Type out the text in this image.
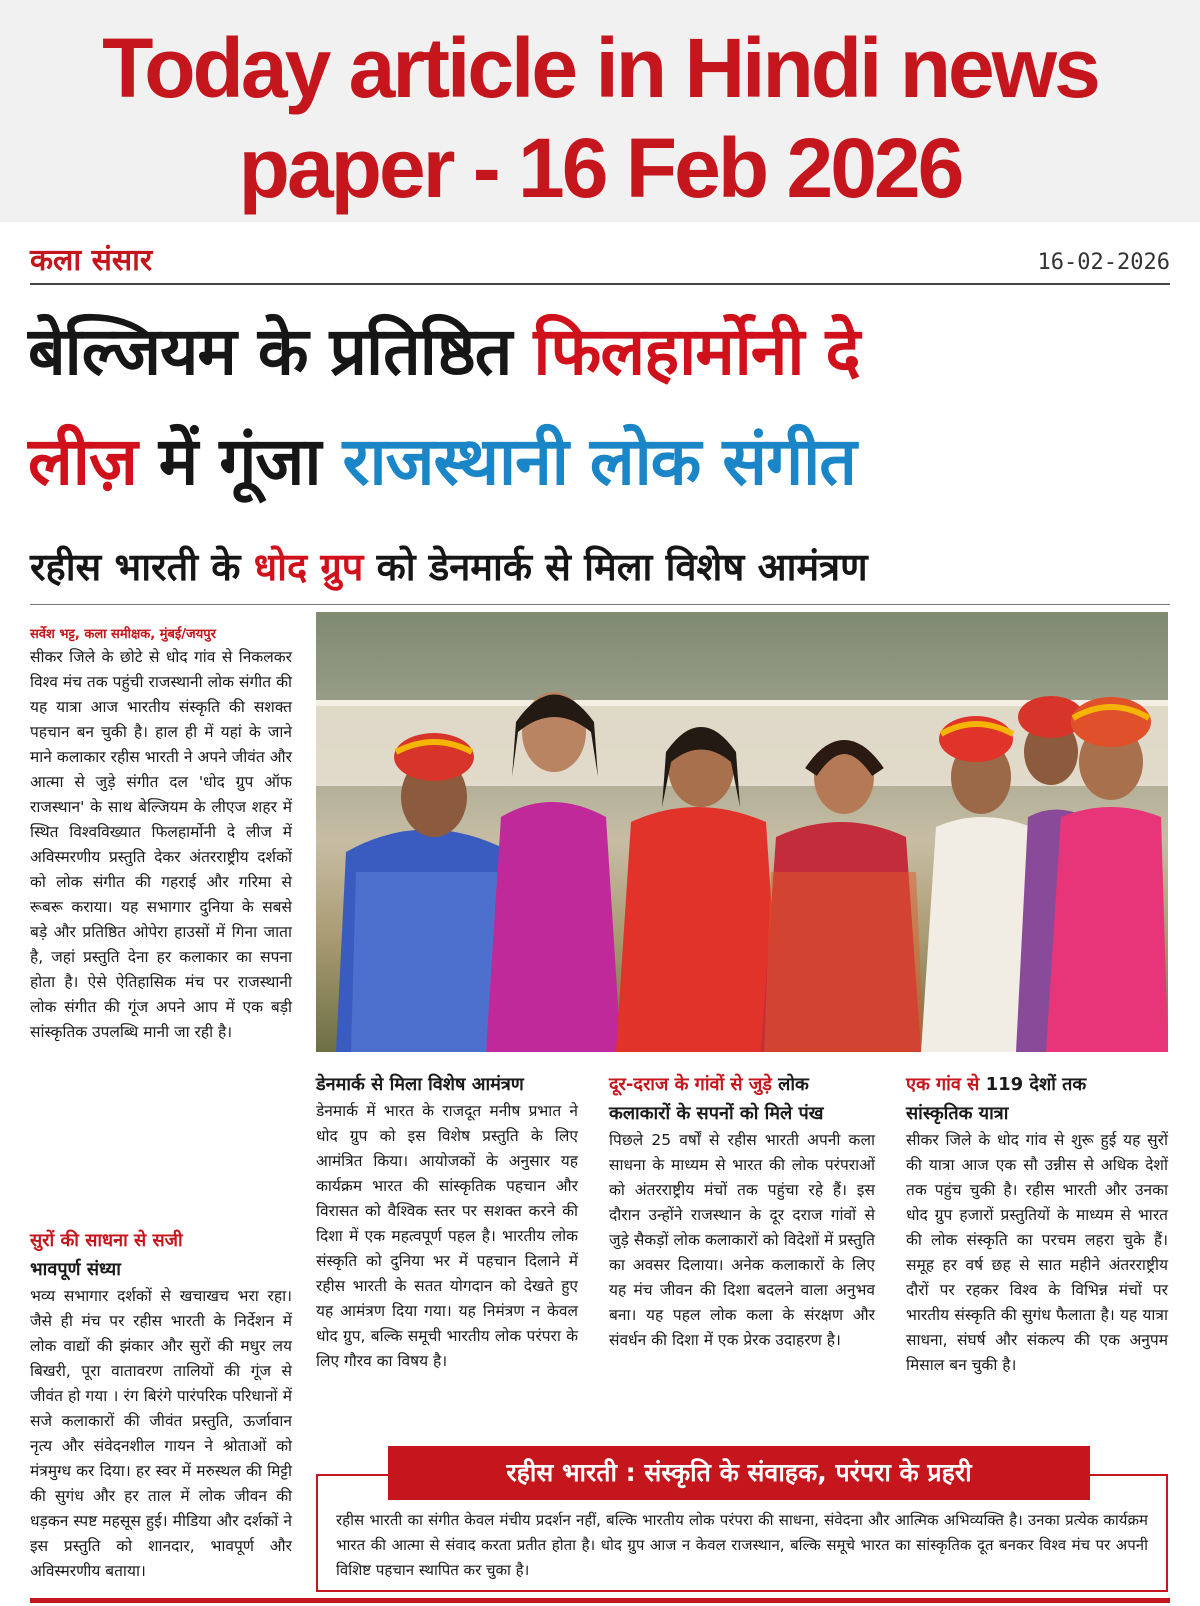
Today article in Hindi news
paper - 16 Feb 2026
कला संसार	16-02-2026
बेल्जियम के प्रतिष्ठित फिलहार्मोनी दे
लीज़ में गूंजा राजस्थानी लोक संगीत
रहीस भारती के धोद ग्रुप को डेनमार्क से मिला विशेष आमंत्रण
सर्वेश भट्ट, कला समीक्षक, मुंबई/जयपुर

सीकर जिले के छोटे से धोद गांव से निकलकर विश्व मंच तक पहुंची राजस्थानी लोक संगीत की यह यात्रा आज भारतीय संस्कृति की सशक्त पहचान बन चुकी है। हाल ही में यहां के जाने माने कलाकार रहीस भारती ने अपने जीवंत और आत्मा से जुड़े संगीत दल 'धोद ग्रुप ऑफ राजस्थान' के साथ बेल्जियम के लीएज शहर में स्थित विश्वविख्यात फिलहार्मोनी दे लीज में अविस्मरणीय प्रस्तुति देकर अंतरराष्ट्रीय दर्शकों को लोक संगीत की गहराई और गरिमा से रूबरू कराया। यह सभागार दुनिया के सबसे बड़े और प्रतिष्ठित ओपेरा हाउसों में गिना जाता है, जहां प्रस्तुति देना हर कलाकार का सपना होता है। ऐसे ऐतिहासिक मंच पर राजस्थानी लोक संगीत की गूंज अपने आप में एक बड़ी सांस्कृतिक उपलब्धि मानी जा रही है।

सुरों की साधना से सजी
भावपूर्ण संध्या

भव्य सभागार दर्शकों से खचाखच भरा रहा। जैसे ही मंच पर रहीस भारती के निर्देशन में लोक वाद्यों की झंकार और सुरों की मधुर लय बिखरी, पूरा वातावरण तालियों की गूंज से जीवंत हो गया । रंग बिरंगे पारंपरिक परिधानों में सजे कलाकारों की जीवंत प्रस्तुति, ऊर्जावान नृत्य और संवेदनशील गायन ने श्रोताओं को मंत्रमुग्ध कर दिया। हर स्वर में मरुस्थल की मिट्टी की सुगंध और हर ताल में लोक जीवन की धड़कन स्पष्ट महसूस हुई। मीडिया और दर्शकों ने इस प्रस्तुति को शानदार, भावपूर्ण और अविस्मरणीय बताया।

डेनमार्क से मिला विशेष आमंत्रण

डेनमार्क में भारत के राजदूत मनीष प्रभात ने धोद ग्रुप को इस विशेष प्रस्तुति के लिए आमंत्रित किया। आयोजकों के अनुसार यह कार्यक्रम भारत की सांस्कृतिक पहचान और विरासत को वैश्विक स्तर पर सशक्त करने की दिशा में एक महत्वपूर्ण पहल है। भारतीय लोक संस्कृति को दुनिया भर में पहचान दिलाने में रहीस भारती के सतत योगदान को देखते हुए यह आमंत्रण दिया गया। यह निमंत्रण न केवल धोद ग्रुप, बल्कि समूची भारतीय लोक परंपरा के लिए गौरव का विषय है।

दूर-दराज के गांवों से जुड़े लोक
कलाकारों के सपनों को मिले पंख

पिछले 25 वर्षों से रहीस भारती अपनी कला साधना के माध्यम से भारत की लोक परंपराओं को अंतरराष्ट्रीय मंचों तक पहुंचा रहे हैं। इस दौरान उन्होंने राजस्थान के दूर दराज गांवों से जुड़े सैकड़ों लोक कलाकारों को विदेशों में प्रस्तुति का अवसर दिलाया। अनेक कलाकारों के लिए यह मंच जीवन की दिशा बदलने वाला अनुभव बना। यह पहल लोक कला के संरक्षण और संवर्धन की दिशा में एक प्रेरक उदाहरण है।

एक गांव से 119 देशों तक
सांस्कृतिक यात्रा

सीकर जिले के धोद गांव से शुरू हुई यह सुरों की यात्रा आज एक सौ उन्नीस से अधिक देशों तक पहुंच चुकी है। रहीस भारती और उनका धोद ग्रुप हजारों प्रस्तुतियों के माध्यम से भारत की लोक संस्कृति का परचम लहरा चुके हैं। समूह हर वर्ष छह से सात महीने अंतरराष्ट्रीय दौरों पर रहकर विश्व के विभिन्न मंचों पर भारतीय संस्कृति की सुगंध फैलाता है। यह यात्रा साधना, संघर्ष और संकल्प की एक अनुपम मिसाल बन चुकी है।

रहीस भारती : संस्कृति के संवाहक, परंपरा के प्रहरी
रहीस भारती का संगीत केवल मंचीय प्रदर्शन नहीं, बल्कि भारतीय लोक परंपरा की साधना, संवेदना और आत्मिक अभिव्यक्ति है। उनका प्रत्येक कार्यक्रम भारत की आत्मा से संवाद करता प्रतीत होता है। धोद ग्रुप आज न केवल राजस्थान, बल्कि समूचे भारत का सांस्कृतिक दूत बनकर विश्व मंच पर अपनी विशिष्ट पहचान स्थापित कर चुका है।
